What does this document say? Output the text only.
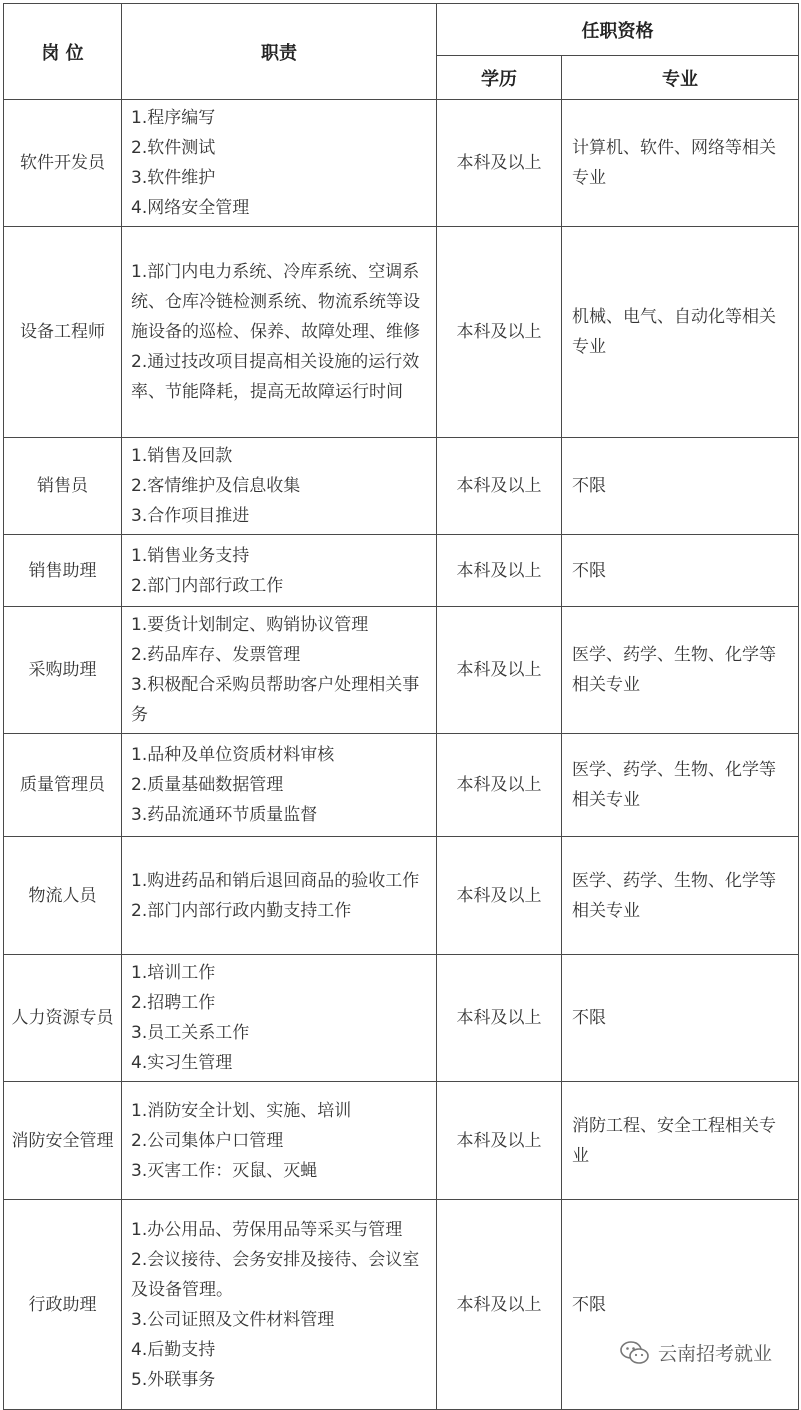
岗 位	职责	任职资格	
		学历	专业
软件开发员	1.程序编写
2.软件测试
3.软件维护
4.网络安全管理	本科及以上	计算机、软件、网络等相关专业
设备工程师	1.部门内电力系统、冷库系统、空调系统、仓库冷链检测系统、物流系统等设施设备的巡检、保养、故障处理、维修
2.通过技改项目提高相关设施的运行效率、节能降耗，提高无故障运行时间	本科及以上	机械、电气、自动化等相关专业
销售员	1.销售及回款
2.客情维护及信息收集
3.合作项目推进	本科及以上	不限
销售助理	1.销售业务支持
2.部门内部行政工作	本科及以上	不限
采购助理	1.要货计划制定、购销协议管理
2.药品库存、发票管理
3.积极配合采购员帮助客户处理相关事务	本科及以上	医学、药学、生物、化学等相关专业
质量管理员	1.品种及单位资质材料审核
2.质量基础数据管理
3.药品流通环节质量监督	本科及以上	医学、药学、生物、化学等相关专业
物流人员	1.购进药品和销后退回商品的验收工作
2.部门内部行政内勤支持工作	本科及以上	医学、药学、生物、化学等相关专业
人力资源专员	1.培训工作
2.招聘工作
3.员工关系工作
4.实习生管理	本科及以上	不限
消防安全管理	1.消防安全计划、实施、培训
2.公司集体户口管理
3.灭害工作：灭鼠、灭蝇	本科及以上	消防工程、安全工程相关专业
行政助理	1.办公用品、劳保用品等采买与管理
2.会议接待、会务安排及接待、会议室及设备管理。
3.公司证照及文件材料管理
4.后勤支持
5.外联事务	本科及以上	不限
云南招考就业
